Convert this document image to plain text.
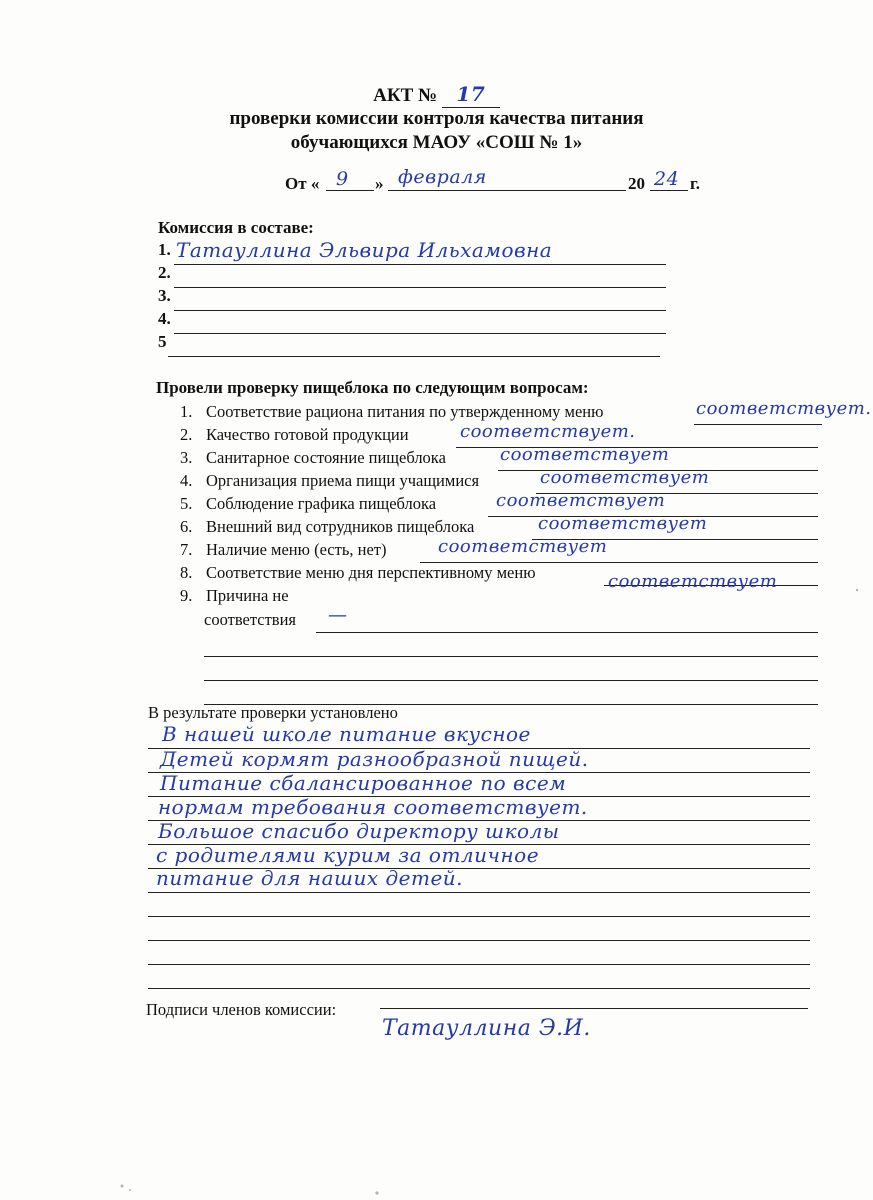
АКТ № 17
проверки комиссии контроля качества питания
обучающихся МАОУ «СОШ № 1»
От « 9 » февраля	20 24 г.
Комиссия в составе:
1. Татауллина Эльвира Ильхамовна
2.
3.
4.
5
Провели проверку пищеблока по следующим вопросам:
1. Соответствие рациона питания по утвержденному меню	соответствует.
2. Качество готовой продукции	соответствует.
3. Санитарное состояние пищеблока	соответствует
4. Организация приема пищи учащимися	соответствует
5. Соблюдение графика пищеблока	соответствует
6. Внешний вид сотрудников пищеблока	соответствует
7. Наличие меню (есть, нет)	соответствует
8. Соответствие меню дня перспективному меню	соответствует
9. Причина не
соответствия —
В результате проверки установлено
В нашей школе питание вкусное
Детей кормят разнообразной пищей.
Питание сбалансированное по всем
нормам требования соответствует.
Большое спасибо директору школы
с родителями курим за отличное
питание для наших детей.
Подписи членов комиссии:
Татауллина Э.И.
